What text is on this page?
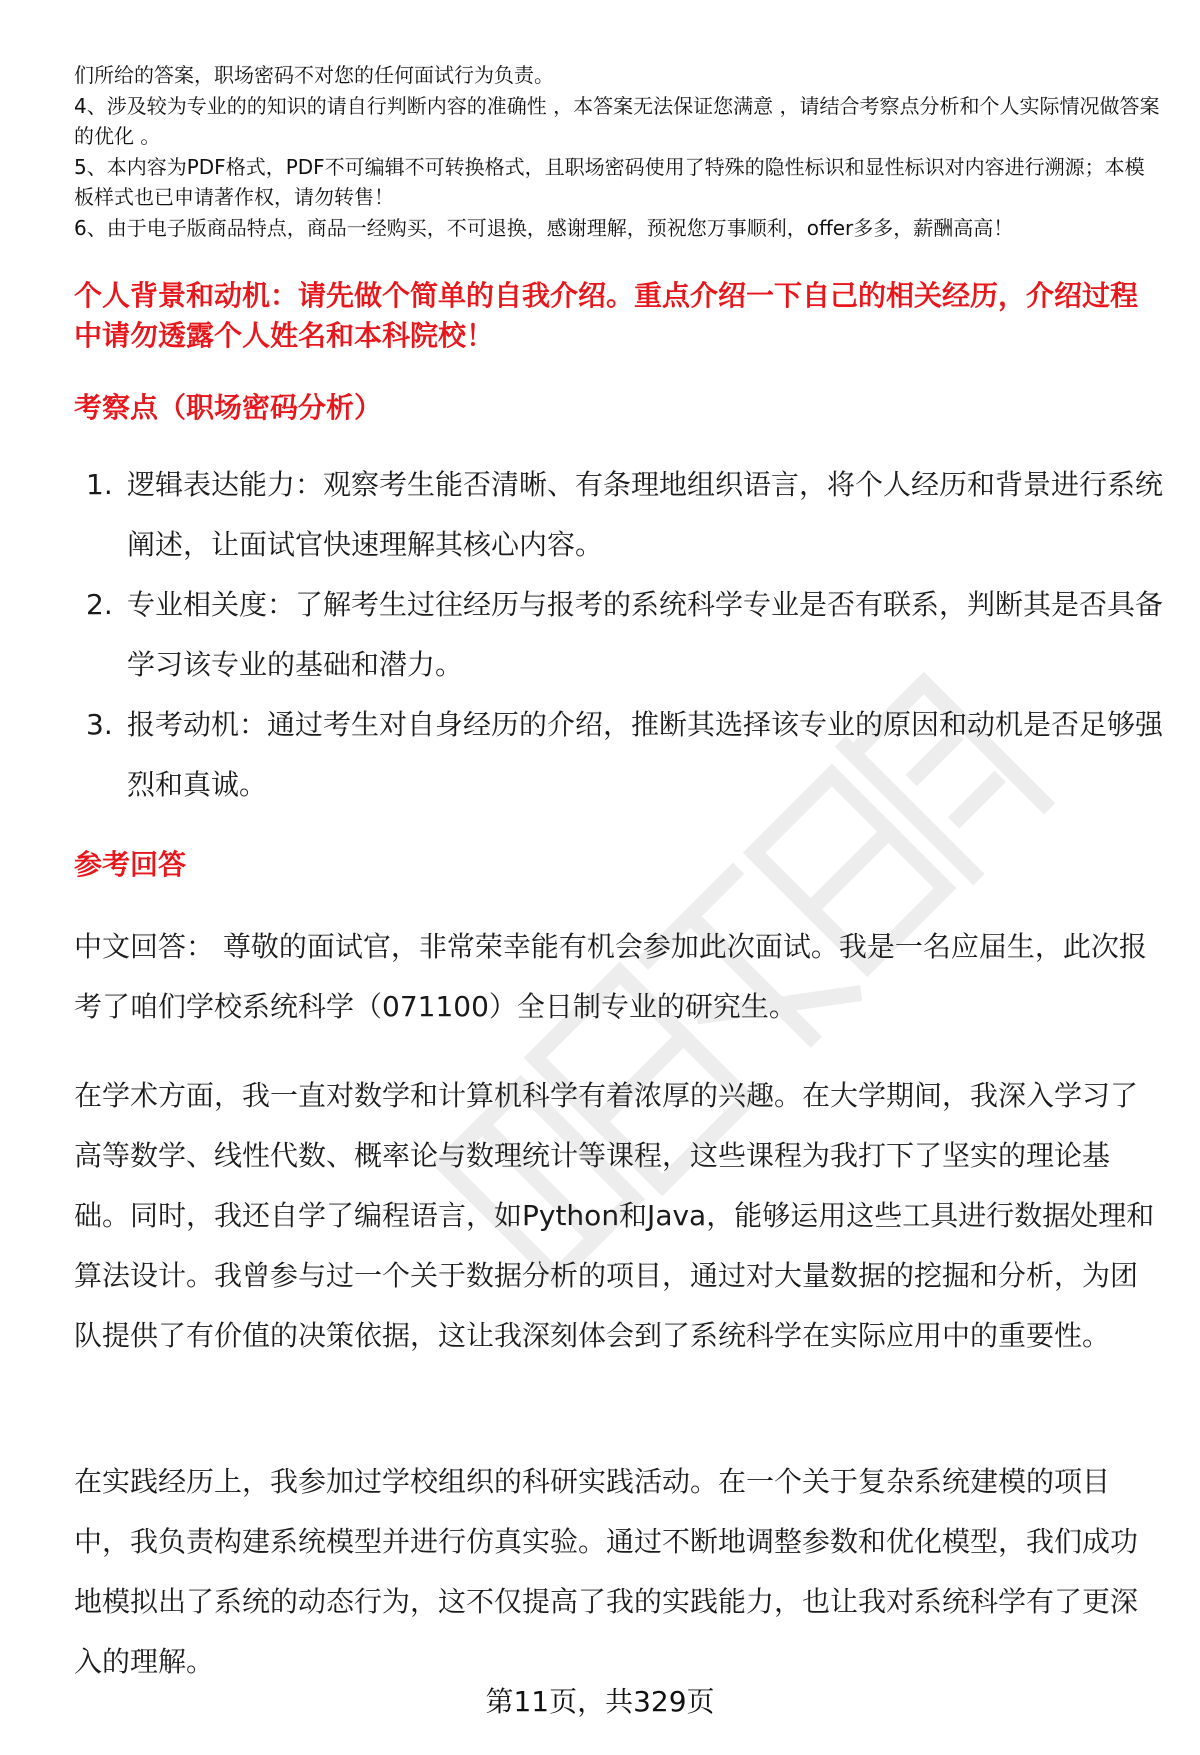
们所给的答案，职场密码不对您的任何面试行为负责。

4、涉及较为专业的的知识的请自行判断内容的准确性 ，本答案无法保证您满意 ，请结合考察点分析和个人实际情况做答案的优化 。

5、本内容为PDF格式，PDF不可编辑不可转换格式，且职场密码使用了特殊的隐性标识和显性标识对内容进行溯源；本模板样式也已申请著作权，请勿转售！

6、由于电子版商品特点，商品一经购买，不可退换，感谢理解，预祝您万事顺利，offer多多，薪酬高高！

个人背景和动机：请先做个简单的自我介绍。重点介绍一下自己的相关经历，介绍过程中请勿透露个人姓名和本科院校！
考察点（职场密码分析）
1. 逻辑表达能力：观察考生能否清晰、有条理地组织语言，将个人经历和背景进行系统阐述，让面试官快速理解其核心内容。
2. 专业相关度：了解考生过往经历与报考的系统科学专业是否有联系，判断其是否具备学习该专业的基础和潜力。
3. 报考动机：通过考生对自身经历的介绍，推断其选择该专业的原因和动机是否足够强烈和真诚。
参考回答

中文回答： 尊敬的面试官，非常荣幸能有机会参加此次面试。我是一名应届生，此次报考了咱们学校系统科学（071100）全日制专业的研究生。

在学术方面，我一直对数学和计算机科学有着浓厚的兴趣。在大学期间，我深入学习了高等数学、线性代数、概率论与数理统计等课程，这些课程为我打下了坚实的理论基础。同时，我还自学了编程语言，如Python和Java，能够运用这些工具进行数据处理和算法设计。我曾参与过一个关于数据分析的项目，通过对大量数据的挖掘和分析，为团队提供了有价值的决策依据，这让我深刻体会到了系统科学在实际应用中的重要性。

在实践经历上，我参加过学校组织的科研实践活动。在一个关于复杂系统建模的项目中，我负责构建系统模型并进行仿真实验。通过不断地调整参数和优化模型，我们成功地模拟出了系统的动态行为，这不仅提高了我的实践能力，也让我对系统科学有了更深入的理解。

第11页，共329页
